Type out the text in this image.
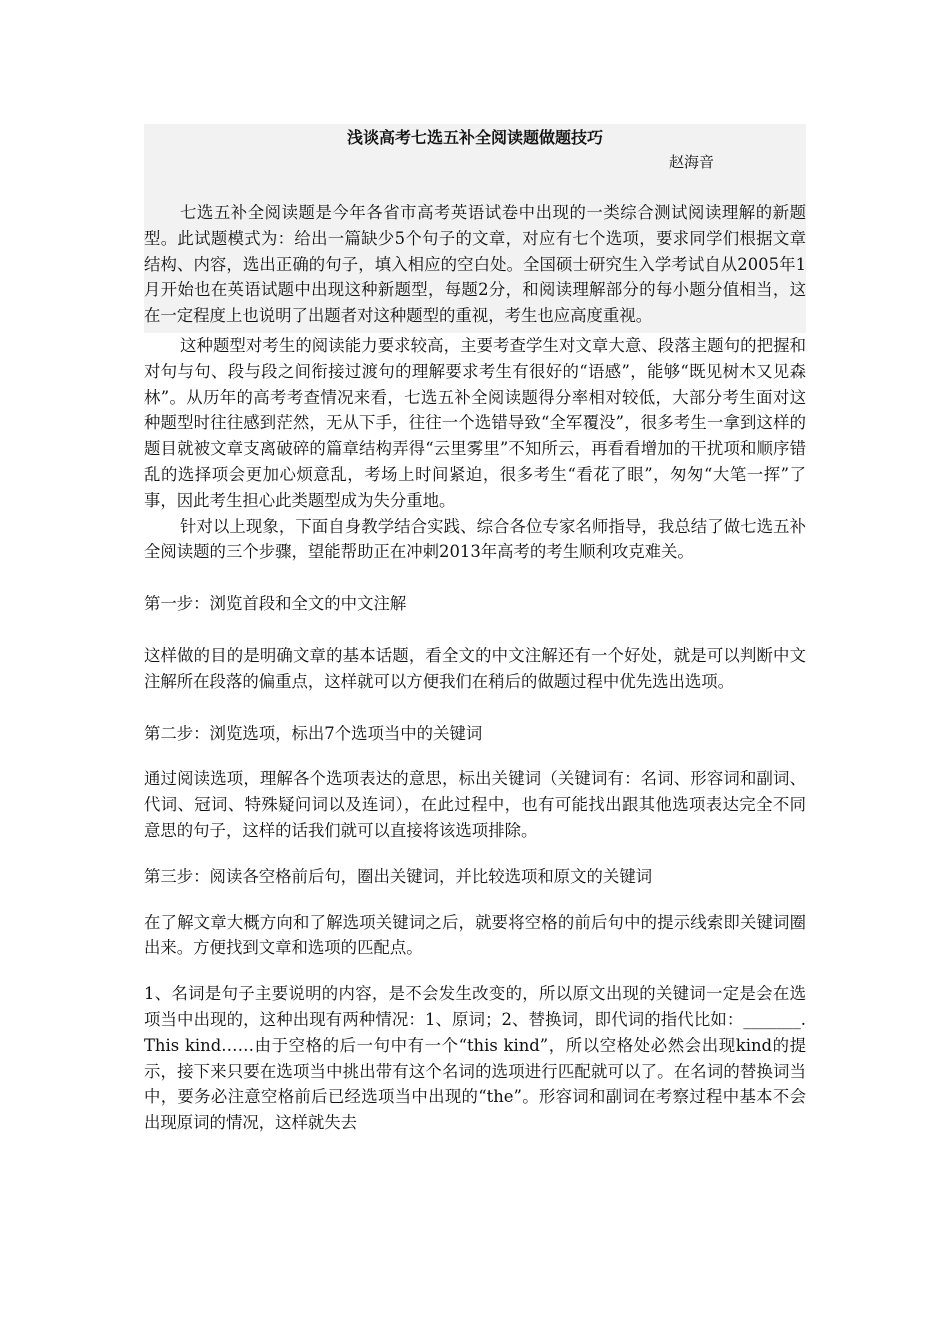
浅谈高考七选五补全阅读题做题技巧
赵海音

七选五补全阅读题是今年各省市高考英语试卷中出现的一类综合测试阅读理解的新题型。此试题模式为：给出一篇缺少5个句子的文章，对应有七个选项，要求同学们根据文章结构、内容，选出正确的句子，填入相应的空白处。全国硕士研究生入学考试自从2005年1月开始也在英语试题中出现这种新题型，每题2分，和阅读理解部分的每小题分值相当，这在一定程度上也说明了出题者对这种题型的重视，考生也应高度重视。

这种题型对考生的阅读能力要求较高，主要考查学生对文章大意、段落主题句的把握和对句与句、段与段之间衔接过渡句的理解要求考生有很好的“语感”，能够“既见树木又见森林”。从历年的高考考查情况来看，七选五补全阅读题得分率相对较低，大部分考生面对这种题型时往往感到茫然，无从下手，往往一个选错导致“全军覆没”，很多考生一拿到这样的题目就被文章支离破碎的篇章结构弄得“云里雾里”不知所云，再看看增加的干扰项和顺序错乱的选择项会更加心烦意乱，考场上时间紧迫，很多考生“看花了眼”，匆匆“大笔一挥”了事，因此考生担心此类题型成为失分重地。

针对以上现象，下面自身教学结合实践、综合各位专家名师指导，我总结了做七选五补全阅读题的三个步骤，望能帮助正在冲刺2013年高考的考生顺利攻克难关。

第一步：浏览首段和全文的中文注解

这样做的目的是明确文章的基本话题，看全文的中文注解还有一个好处，就是可以判断中文注解所在段落的偏重点，这样就可以方便我们在稍后的做题过程中优先选出选项。

第二步：浏览选项，标出7个选项当中的关键词

通过阅读选项，理解各个选项表达的意思，标出关键词（关键词有：名词、形容词和副词、代词、冠词、特殊疑问词以及连词），在此过程中，也有可能找出跟其他选项表达完全不同意思的句子，这样的话我们就可以直接将该选项排除。

第三步：阅读各空格前后句，圈出关键词，并比较选项和原文的关键词

在了解文章大概方向和了解选项关键词之后，就要将空格的前后句中的提示线索即关键词圈出来。方便找到文章和选项的匹配点。

1、名词是句子主要说明的内容，是不会发生改变的，所以原文出现的关键词一定是会在选项当中出现的，这种出现有两种情况：1、原词；2、替换词，即代词的指代比如：_______. This kind……由于空格的后一句中有一个“this kind”，所以空格处必然会出现kind的提示，接下来只要在选项当中挑出带有这个名词的选项进行匹配就可以了。在名词的替换词当中，要务必注意空格前后已经选项当中出现的“the”。形容词和副词在考察过程中基本不会出现原词的情况，这样就失去
